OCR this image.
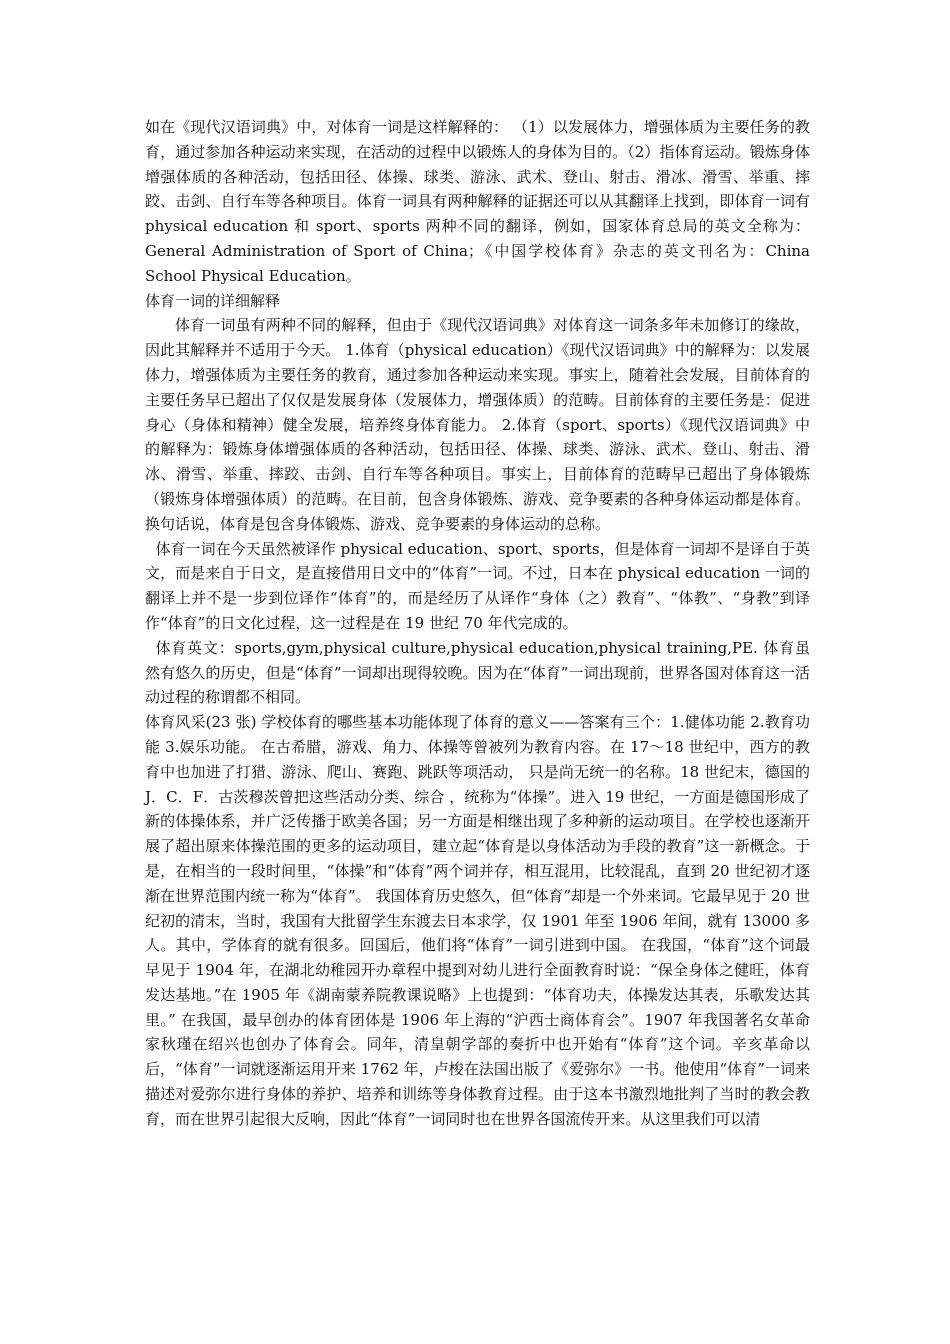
如在《现代汉语词典》中，对体育一词是这样解释的： （1）以发展体力，增强体质为主要任务的教育，通过参加各种运动来实现，在活动的过程中以锻炼人的身体为目的。（2）指体育运动。锻炼身体增强体质的各种活动，包括田径、体操、球类、游泳、武术、登山、射击、滑冰、滑雪、举重、摔跤、击剑、自行车等各种项目。体育一词具有两种解释的证据还可以从其翻译上找到，即体育一词有 physical education 和 sport、sports 两种不同的翻译，例如，国家体育总局的英文全称为：General Administration of Sport of China；《中国学校体育》杂志的英文刊名为：China School Physical Education。

体育一词的详细解释

体育一词虽有两种不同的解释，但由于《现代汉语词典》对体育这一词条多年未加修订的缘故，因此其解释并不适用于今天。 1.体育（physical education）《现代汉语词典》中的解释为：以发展体力，增强体质为主要任务的教育，通过参加各种运动来实现。事实上，随着社会发展，目前体育的主要任务早已超出了仅仅是发展身体（发展体力，增强体质）的范畴。目前体育的主要任务是：促进身心（身体和精神）健全发展，培养终身体育能力。 2.体育（sport、sports）《现代汉语词典》中的解释为：锻炼身体增强体质的各种活动，包括田径、体操、球类、游泳、武术、登山、射击、滑冰、滑雪、举重、摔跤、击剑、自行车等各种项目。事实上，目前体育的范畴早已超出了身体锻炼（锻炼身体增强体质）的范畴。在目前，包含身体锻炼、游戏、竞争要素的各种身体运动都是体育。换句话说，体育是包含身体锻炼、游戏、竞争要素的身体运动的总称。

体育一词在今天虽然被译作 physical education、sport、sports，但是体育一词却不是译自于英文，而是来自于日文，是直接借用日文中的“体育”一词。不过，日本在 physical education 一词的翻译上并不是一步到位译作“体育”的，而是经历了从译作“身体（之）教育”、“体教”、“身教”到译作“体育”的日文化过程，这一过程是在 19 世纪 70 年代完成的。

体育英文：sports,gym,physical culture,physical education,physical training,PE. 体育虽然有悠久的历史，但是“体育”一词却出现得较晚。因为在“体育”一词出现前，世界各国对体育这一活动过程的称谓都不相同。

体育风采(23 张) 学校体育的哪些基本功能体现了体育的意义——答案有三个：1.健体功能 2.教育功能 3.娱乐功能。 在古希腊，游戏、角力、体操等曾被列为教育内容。在 17～18 世纪中，西方的教育中也加进了打猎、游泳、爬山、赛跑、跳跃等项活动， 只是尚无统一的名称。18 世纪末，德国的 J．C．F．古茨穆茨曾把这些活动分类、综合 ，统称为“体操”。进入 19 世纪，一方面是德国形成了新的体操体系，并广泛传播于欧美各国；另一方面是相继出现了多种新的运动项目。在学校也逐渐开展了超出原来体操范围的更多的运动项目，建立起“体育是以身体活动为手段的教育”这一新概念。于是，在相当的一段时间里，“体操”和“体育”两个词并存，相互混用，比较混乱，直到 20 世纪初才逐渐在世界范围内统一称为“体育”。 我国体育历史悠久，但“体育”却是一个外来词。它最早见于 20 世纪初的清末，当时，我国有大批留学生东渡去日本求学，仅 1901 年至 1906 年间，就有 13000 多人。其中，学体育的就有很多。回国后，他们将“体育”一词引进到中国。 在我国，“体育”这个词最早见于 1904 年，在湖北幼稚园开办章程中提到对幼儿进行全面教育时说：“保全身体之健旺，体育发达基地。”在 1905 年《湖南蒙养院教课说略》上也提到：“体育功夫，体操发达其表，乐歌发达其里。” 在我国，最早创办的体育团体是 1906 年上海的“沪西士商体育会”。1907 年我国著名女革命家秋瑾在绍兴也创办了体育会。同年，清皇朝学部的奏折中也开始有“体育”这个词。辛亥革命以后，“体育”一词就逐渐运用开来 1762 年，卢梭在法国出版了《爱弥尔》一书。他使用“体育”一词来描述对爱弥尔进行身体的养护、培养和训练等身体教育过程。由于这本书激烈地批判了当时的教会教育，而在世界引起很大反响，因此“体育”一词同时也在世界各国流传开来。从这里我们可以清
